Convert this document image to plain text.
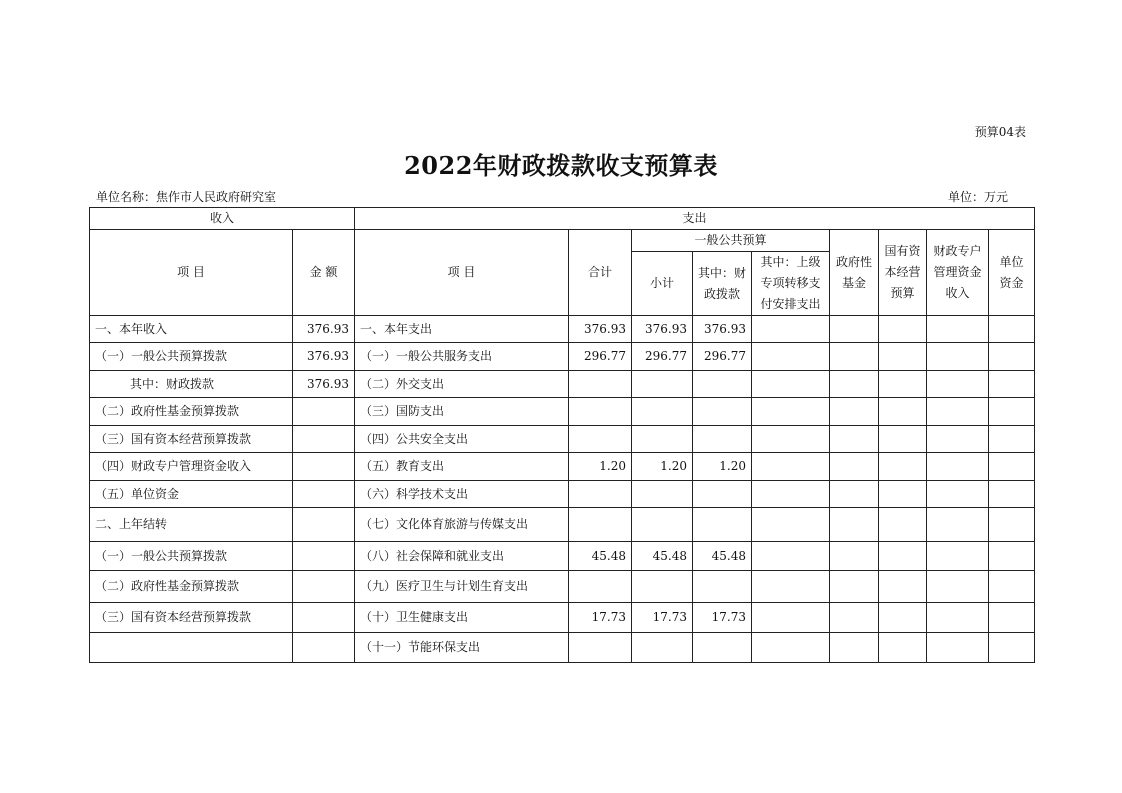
预算04表
2022年财政拨款收支预算表
单位名称：焦作市人民政府研究室	单位：万元
收入		支出								
项 目	金 额	项 目	合计	一般公共预算			政府性基金	国有资本经营预算	财政专户管理资金收入	单位资金
				小计	其中：财政拨款	其中：上级专项转移支付安排支出				
一、本年收入	376.93	一、本年支出	376.93	376.93	376.93					
（一）一般公共预算拨款	376.93	（一）一般公共服务支出	296.77	296.77	296.77					
其中：财政拨款	376.93	（二）外交支出								
（二）政府性基金预算拨款		（三）国防支出								
（三）国有资本经营预算拨款		（四）公共安全支出								
（四）财政专户管理资金收入		（五）教育支出	1.20	1.20	1.20					
（五）单位资金		（六）科学技术支出								
二、上年结转		（七）文化体育旅游与传媒支出								
（一）一般公共预算拨款		（八）社会保障和就业支出	45.48	45.48	45.48					
（二）政府性基金预算拨款		（九）医疗卫生与计划生育支出								
（三）国有资本经营预算拨款		（十）卫生健康支出	17.73	17.73	17.73					
		（十一）节能环保支出								
